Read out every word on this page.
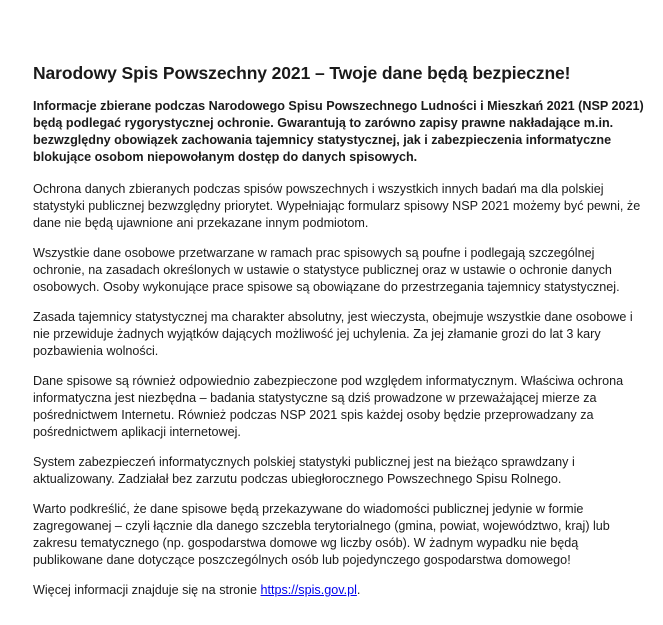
Narodowy Spis Powszechny 2021 – Twoje dane będą bezpieczne!

Informacje zbierane podczas Narodowego Spisu Powszechnego Ludności i Mieszkań 2021 (NSP 2021) będą podlegać rygorystycznej ochronie. Gwarantują to zarówno zapisy prawne nakładające m.in. bezwzględny obowiązek zachowania tajemnicy statystycznej, jak i zabezpieczenia informatyczne blokujące osobom niepowołanym dostęp do danych spisowych.

Ochrona danych zbieranych podczas spisów powszechnych i wszystkich innych badań ma dla polskiej statystyki publicznej bezwzględny priorytet. Wypełniając formularz spisowy NSP 2021 możemy być pewni, że dane nie będą ujawnione ani przekazane innym podmiotom.

Wszystkie dane osobowe przetwarzane w ramach prac spisowych są poufne i podlegają szczególnej ochronie, na zasadach określonych w ustawie o statystyce publicznej oraz w ustawie o ochronie danych osobowych. Osoby wykonujące prace spisowe są obowiązane do przestrzegania tajemnicy statystycznej.

Zasada tajemnicy statystycznej ma charakter absolutny, jest wieczysta, obejmuje wszystkie dane osobowe i nie przewiduje żadnych wyjątków dających możliwość jej uchylenia. Za jej złamanie grozi do lat 3 kary pozbawienia wolności.

Dane spisowe są również odpowiednio zabezpieczone pod względem informatycznym. Właściwa ochrona informatyczna jest niezbędna – badania statystyczne są dziś prowadzone w przeważającej mierze za pośrednictwem Internetu. Również podczas NSP 2021 spis każdej osoby będzie przeprowadzany za pośrednictwem aplikacji internetowej.

System zabezpieczeń informatycznych polskiej statystyki publicznej jest na bieżąco sprawdzany i aktualizowany. Zadziałał bez zarzutu podczas ubiegłorocznego Powszechnego Spisu Rolnego.

Warto podkreślić, że dane spisowe będą przekazywane do wiadomości publicznej jedynie w formie zagregowanej – czyli łącznie dla danego szczebla terytorialnego (gmina, powiat, województwo, kraj) lub zakresu tematycznego (np. gospodarstwa domowe wg liczby osób). W żadnym wypadku nie będą publikowane dane dotyczące poszczególnych osób lub pojedynczego gospodarstwa domowego!

Więcej informacji znajduje się na stronie https://spis.gov.pl.
